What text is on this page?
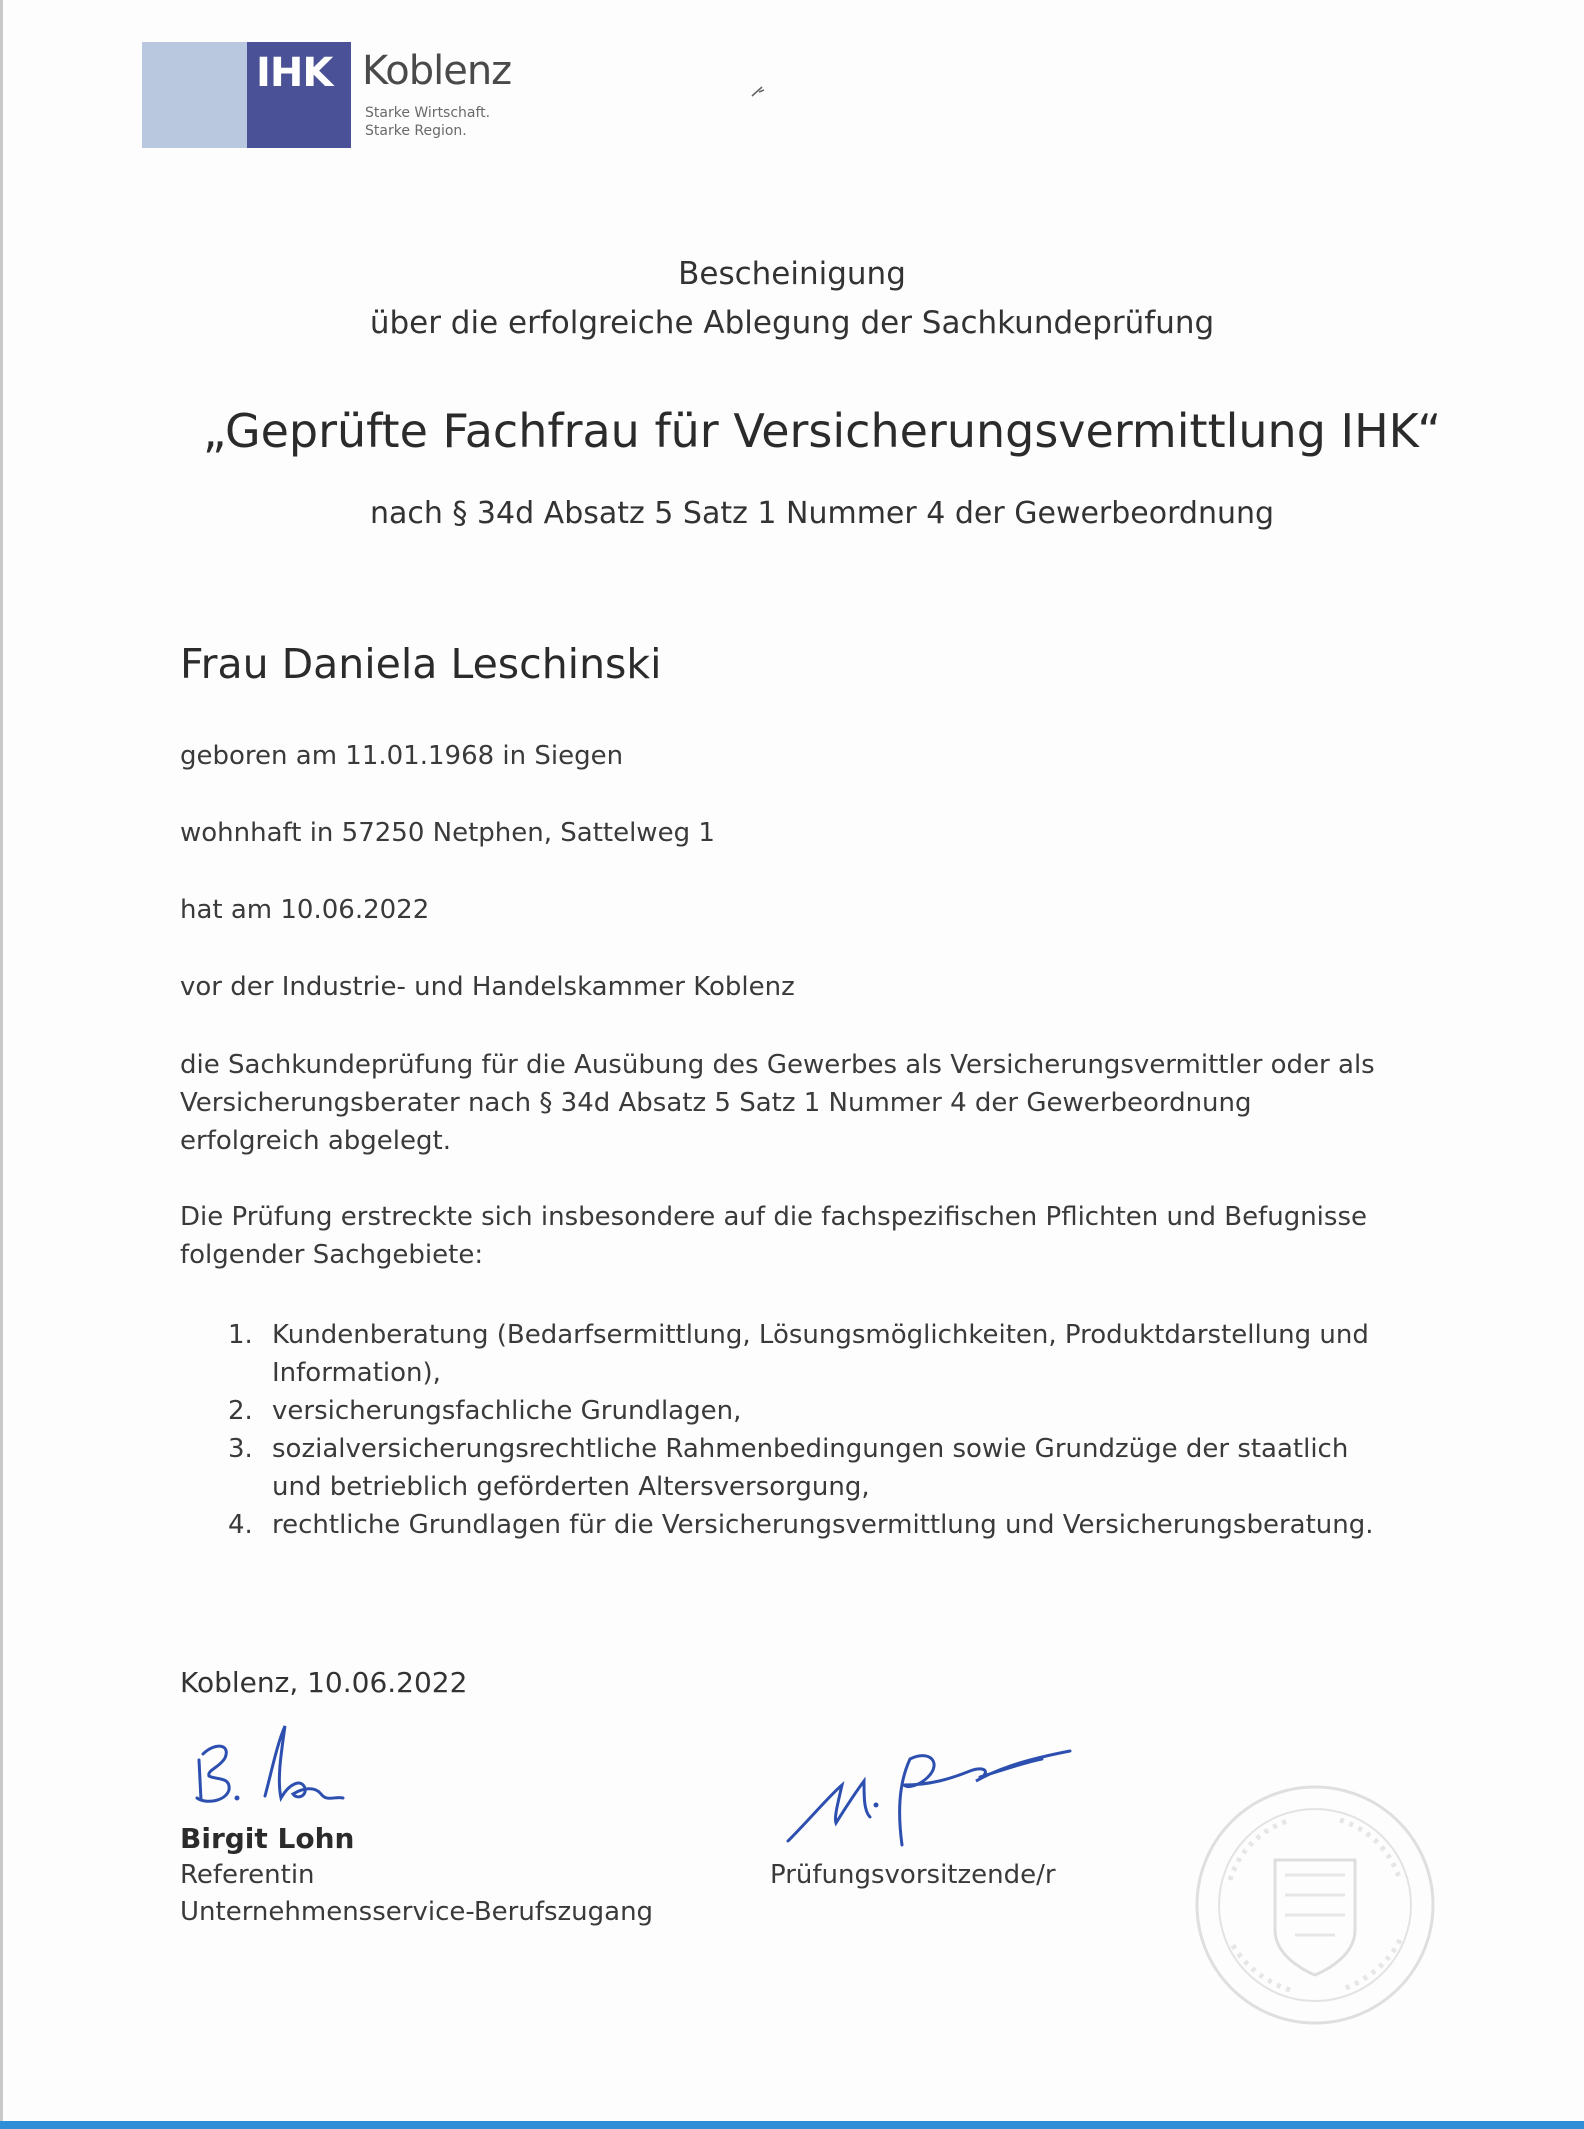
IHK Koblenz
Starke Wirtschaft.
Starke Region.
Bescheinigung
über die erfolgreiche Ablegung der Sachkundeprüfung
„Geprüfte Fachfrau für Versicherungsvermittlung IHK“
nach § 34d Absatz 5 Satz 1 Nummer 4 der Gewerbeordnung
Frau Daniela Leschinski
geboren am 11.01.1968 in Siegen
wohnhaft in 57250 Netphen, Sattelweg 1
hat am 10.06.2022
vor der Industrie- und Handelskammer Koblenz
die Sachkundeprüfung für die Ausübung des Gewerbes als Versicherungsvermittler oder als Versicherungsberater nach § 34d Absatz 5 Satz 1 Nummer 4 der Gewerbeordnung erfolgreich abgelegt.
Die Prüfung erstreckte sich insbesondere auf die fachspezifischen Pflichten und Befugnisse folgender Sachgebiete:
1. Kundenberatung (Bedarfsermittlung, Lösungsmöglichkeiten, Produktdarstellung und Information),
2. versicherungsfachliche Grundlagen,
3. sozialversicherungsrechtliche Rahmenbedingungen sowie Grundzüge der staatlich und betrieblich geförderten Altersversorgung,
4. rechtliche Grundlagen für die Versicherungsvermittlung und Versicherungsberatung.
Koblenz, 10.06.2022
Birgit Lohn
Referentin
Unternehmensservice-Berufszugang
Prüfungsvorsitzende/r
